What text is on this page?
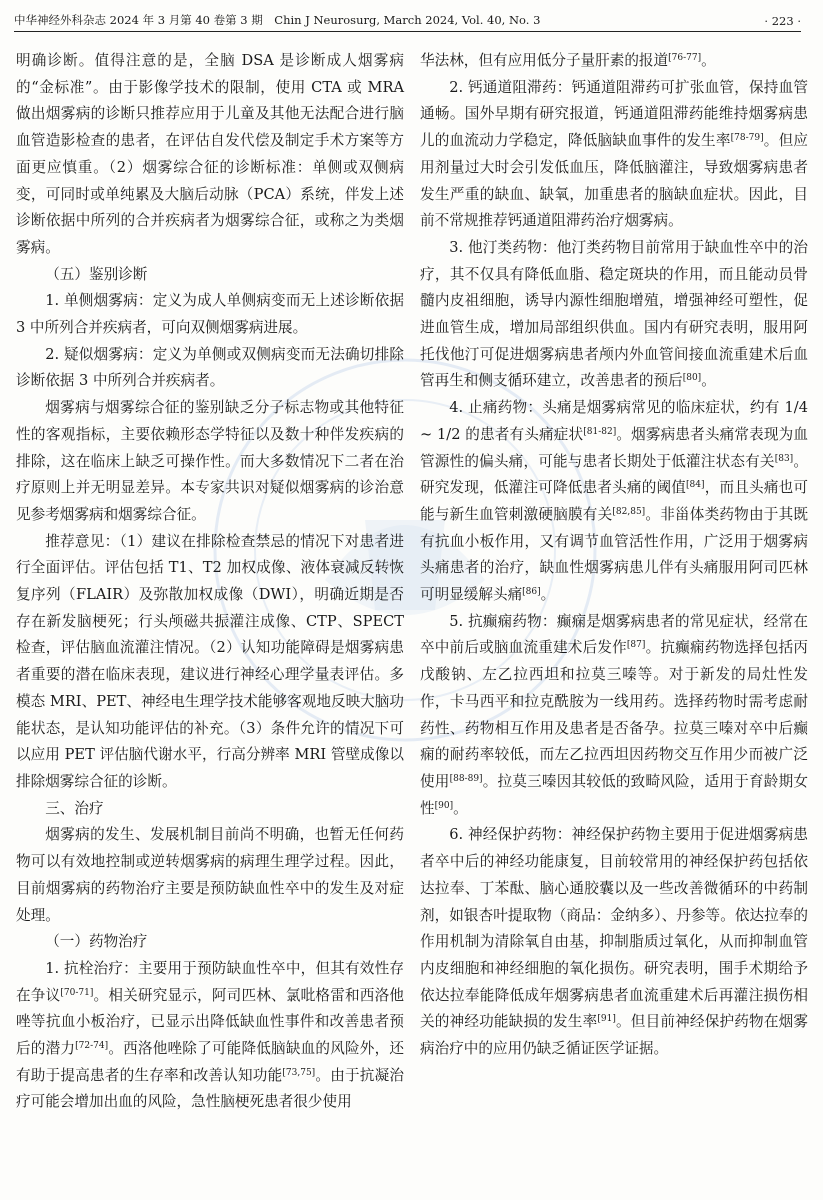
中华神经外科杂志 2024 年 3 月第 40 卷第 3 期　Chin J Neurosurg, March 2024, Vol. 40, No. 3	· 223 ·

明确诊断。值得注意的是，全脑 DSA 是诊断成人烟雾病的“金标准”。由于影像学技术的限制，使用 CTA 或 MRA 做出烟雾病的诊断只推荐应用于儿童及其他无法配合进行脑血管造影检查的患者，在评估自发代偿及制定手术方案等方面更应慎重。（2）烟雾综合征的诊断标准：单侧或双侧病变，可同时或单纯累及大脑后动脉（PCA）系统，伴发上述诊断依据中所列的合并疾病者为烟雾综合征，或称之为类烟雾病。

（五）鉴别诊断

1. 单侧烟雾病：定义为成人单侧病变而无上述诊断依据 3 中所列合并疾病者，可向双侧烟雾病进展。

2. 疑似烟雾病：定义为单侧或双侧病变而无法确切排除诊断依据 3 中所列合并疾病者。

烟雾病与烟雾综合征的鉴别缺乏分子标志物或其他特征性的客观指标，主要依赖形态学特征以及数十种伴发疾病的排除，这在临床上缺乏可操作性。而大多数情况下二者在治疗原则上并无明显差异。本专家共识对疑似烟雾病的诊治意见参考烟雾病和烟雾综合征。

推荐意见：（1）建议在排除检查禁忌的情况下对患者进行全面评估。评估包括 T1、T2 加权成像、液体衰减反转恢复序列（FLAIR）及弥散加权成像（DWI），明确近期是否存在新发脑梗死；行头颅磁共振灌注成像、CTP、SPECT 检查，评估脑血流灌注情况。（2）认知功能障碍是烟雾病患者重要的潜在临床表现，建议进行神经心理学量表评估。多模态 MRI、PET、神经电生理学技术能够客观地反映大脑功能状态，是认知功能评估的补充。（3）条件允许的情况下可以应用 PET 评估脑代谢水平，行高分辨率 MRI 管壁成像以排除烟雾综合征的诊断。

三、治疗

烟雾病的发生、发展机制目前尚不明确，也暂无任何药物可以有效地控制或逆转烟雾病的病理生理学过程。因此，目前烟雾病的药物治疗主要是预防缺血性卒中的发生及对症处理。

（一）药物治疗

1. 抗栓治疗：主要用于预防缺血性卒中，但其有效性存在争议[70-71]。相关研究显示，阿司匹林、氯吡格雷和西洛他唑等抗血小板治疗，已显示出降低缺血性事件和改善患者预后的潜力[72-74]。西洛他唑除了可能降低脑缺血的风险外，还有助于提高患者的生存率和改善认知功能[73,75]。由于抗凝治疗可能会增加出血的风险，急性脑梗死患者很少使用

华法林，但有应用低分子量肝素的报道[76-77]。

2. 钙通道阻滞药：钙通道阻滞药可扩张血管，保持血管通畅。国外早期有研究报道，钙通道阻滞药能维持烟雾病患儿的血流动力学稳定，降低脑缺血事件的发生率[78-79]。但应用剂量过大时会引发低血压，降低脑灌注，导致烟雾病患者发生严重的缺血、缺氧，加重患者的脑缺血症状。因此，目前不常规推荐钙通道阻滞药治疗烟雾病。

3. 他汀类药物：他汀类药物目前常用于缺血性卒中的治疗，其不仅具有降低血脂、稳定斑块的作用，而且能动员骨髓内皮祖细胞，诱导内源性细胞增殖，增强神经可塑性，促进血管生成，增加局部组织供血。国内有研究表明，服用阿托伐他汀可促进烟雾病患者颅内外血管间接血流重建术后血管再生和侧支循环建立，改善患者的预后[80]。

4. 止痛药物：头痛是烟雾病常见的临床症状，约有 1/4 ~ 1/2 的患者有头痛症状[81-82]。烟雾病患者头痛常表现为血管源性的偏头痛，可能与患者长期处于低灌注状态有关[83]。研究发现，低灌注可降低患者头痛的阈值[84]，而且头痛也可能与新生血管刺激硬脑膜有关[82,85]。非甾体类药物由于其既有抗血小板作用，又有调节血管活性作用，广泛用于烟雾病头痛患者的治疗，缺血性烟雾病患儿伴有头痛服用阿司匹林可明显缓解头痛[86]。

5. 抗癫痫药物：癫痫是烟雾病患者的常见症状，经常在卒中前后或脑血流重建术后发作[87]。抗癫痫药物选择包括丙戊酸钠、左乙拉西坦和拉莫三嗪等。对于新发的局灶性发作，卡马西平和拉克酰胺为一线用药。选择药物时需考虑耐药性、药物相互作用及患者是否备孕。拉莫三嗪对卒中后癫痫的耐药率较低，而左乙拉西坦因药物交互作用少而被广泛使用[88-89]。拉莫三嗪因其较低的致畸风险，适用于育龄期女性[90]。

6. 神经保护药物：神经保护药物主要用于促进烟雾病患者卒中后的神经功能康复，目前较常用的神经保护药包括依达拉奉、丁苯酞、脑心通胶囊以及一些改善微循环的中药制剂，如银杏叶提取物（商品：金纳多）、丹参等。依达拉奉的作用机制为清除氧自由基，抑制脂质过氧化，从而抑制血管内皮细胞和神经细胞的氧化损伤。研究表明，围手术期给予依达拉奉能降低成年烟雾病患者血流重建术后再灌注损伤相关的神经功能缺损的发生率[91]。但目前神经保护药物在烟雾病治疗中的应用仍缺乏循证医学证据。
